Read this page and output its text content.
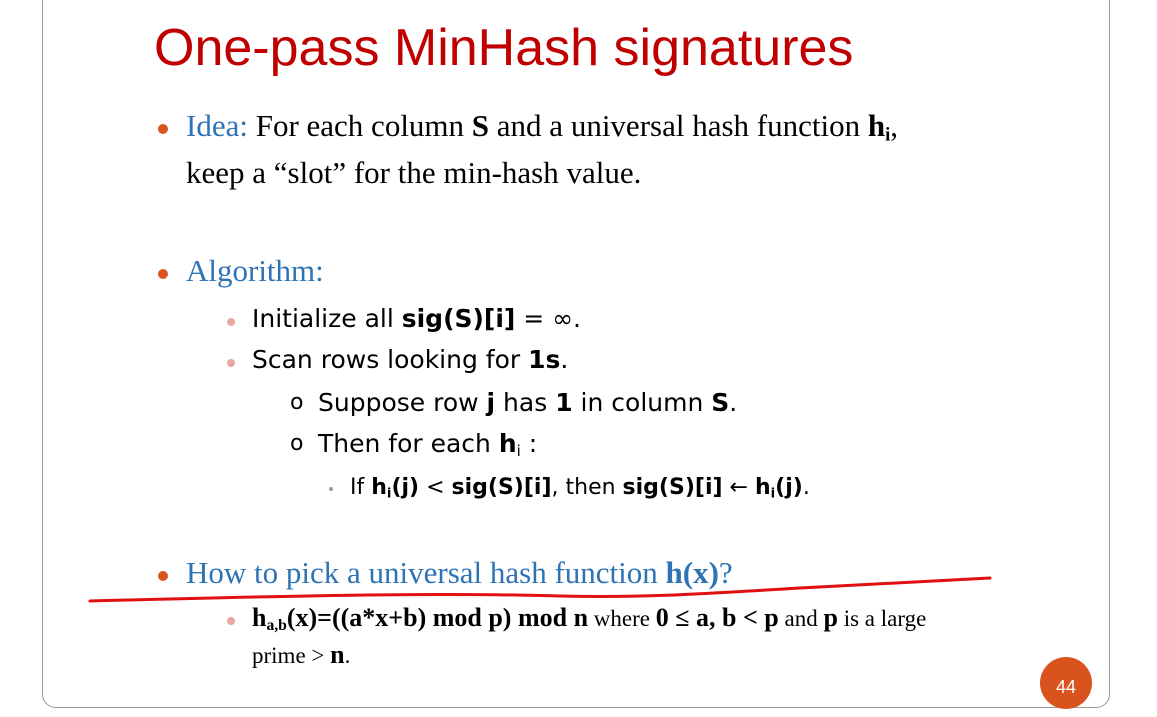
One-pass MinHash signatures
Idea: For each column S and a universal hash function $h_i$,
keep a “slot” for the min-hash value.
Algorithm:
Initialize all sig(S)[i] = ∞.
Scan rows looking for 1s.
o Suppose row j has 1 in column S.
o Then for each $h_i$ :
If $h_i(j) < sig(S)[i]$, then sig(S)[i] ← $h_i(j)$.
How to pick a universal hash function h(x)?
$h_{a,b}(x)=((a*x+b)$ mod p) mod n where 0 ≤ a, b < p and p is a large
prime > n.
44
